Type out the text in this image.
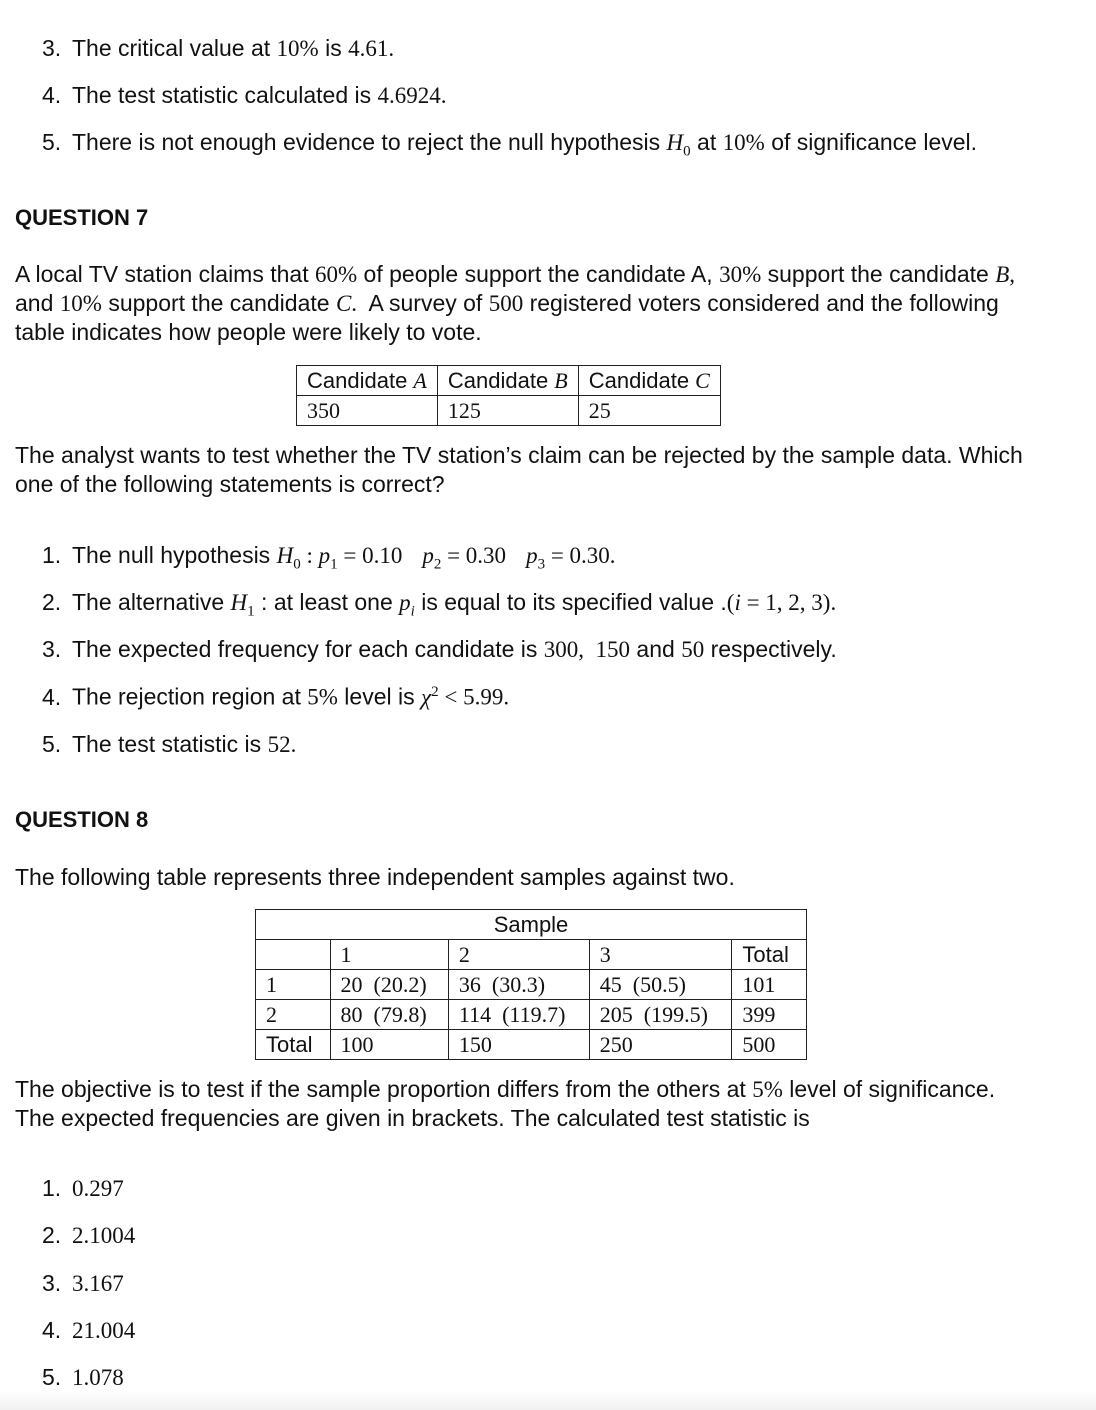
3. The critical value at 10% is 4.61.
4. The test statistic calculated is 4.6924.
5. There is not enough evidence to reject the null hypothesis $H_0$ at 10% of significance level.
QUESTION 7
A local TV station claims that 60% of people support the candidate A, 30% support the candidate B,
and 10% support the candidate C.  A survey of 500 registered voters considered and the following
table indicates how people were likely to vote.
Candidate A	Candidate B	Candidate C
350	125	25
The analyst wants to test whether the TV station’s claim can be rejected by the sample data. Which
one of the following statements is correct?
1. The null hypothesis $H_0$ : $p_1 = 0.10$ $p_2 = 0.30$ $p_3 = 0.30$.
2. The alternative $H_1$ : at least one $p_i$ is equal to its specified value .(i = 1, 2, 3).
3. The expected frequency for each candidate is 300,  150 and 50 respectively.
4. The rejection region at 5% level is $\chi^2 < 5.99$.
5. The test statistic is 52.
QUESTION 8
The following table represents three independent samples against two.
Sample				
	1	2	3	Total
1	20  (20.2)	36  (30.3)	45  (50.5)	101
2	80  (79.8)	114  (119.7)	205  (199.5)	399
Total	100	150	250	500
The objective is to test if the sample proportion differs from the others at 5% level of significance.
The expected frequencies are given in brackets. The calculated test statistic is
1. 0.297
2. 2.1004
3. 3.167
4. 21.004
5. 1.078
